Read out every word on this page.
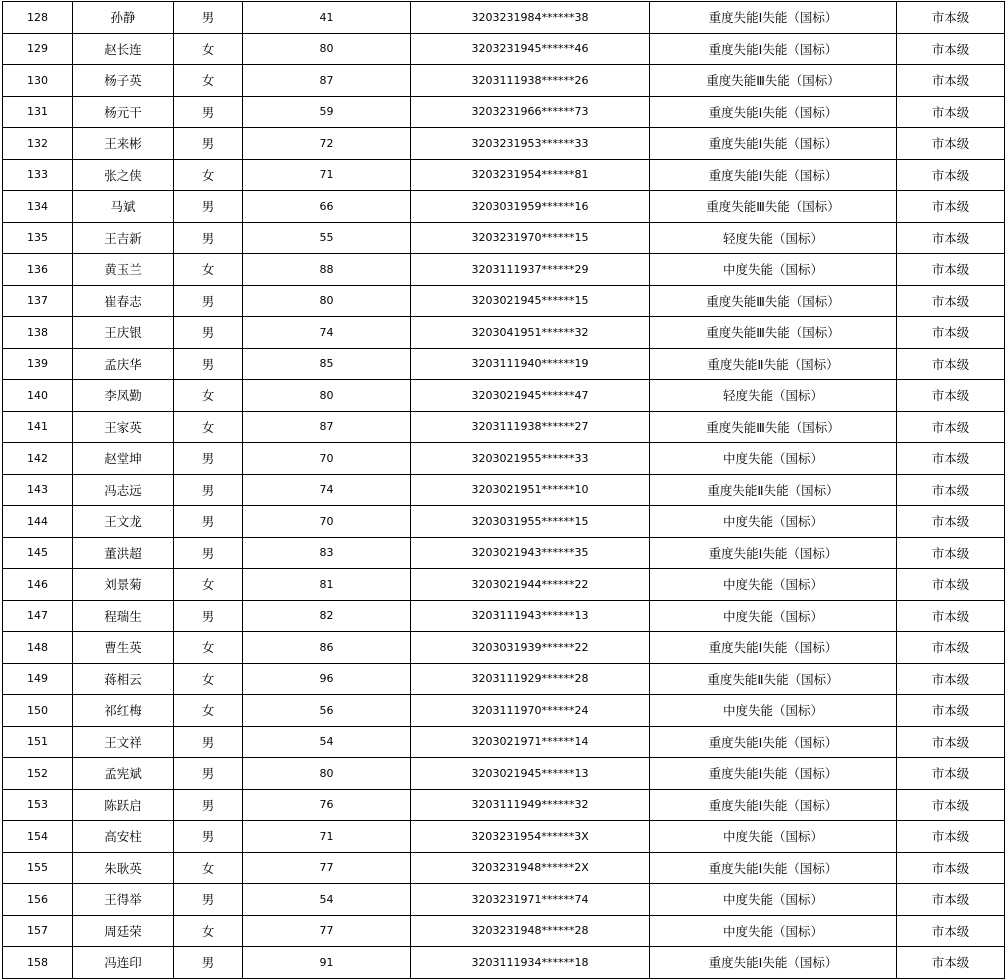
128	孙静	男	41	3203231984******38	重度失能Ⅰ失能（国标）	市本级
129	赵长连	女	80	3203231945******46	重度失能Ⅰ失能（国标）	市本级
130	杨子英	女	87	3203111938******26	重度失能Ⅲ失能（国标）	市本级
131	杨元干	男	59	3203231966******73	重度失能Ⅰ失能（国标）	市本级
132	王来彬	男	72	3203231953******33	重度失能Ⅰ失能（国标）	市本级
133	张之侠	女	71	3203231954******81	重度失能Ⅰ失能（国标）	市本级
134	马斌	男	66	3203031959******16	重度失能Ⅲ失能（国标）	市本级
135	王吉新	男	55	3203231970******15	轻度失能（国标）	市本级
136	黄玉兰	女	88	3203111937******29	中度失能（国标）	市本级
137	崔春志	男	80	3203021945******15	重度失能Ⅲ失能（国标）	市本级
138	王庆银	男	74	3203041951******32	重度失能Ⅲ失能（国标）	市本级
139	孟庆华	男	85	3203111940******19	重度失能Ⅱ失能（国标）	市本级
140	李凤勤	女	80	3203021945******47	轻度失能（国标）	市本级
141	王家英	女	87	3203111938******27	重度失能Ⅲ失能（国标）	市本级
142	赵堂坤	男	70	3203021955******33	中度失能（国标）	市本级
143	冯志远	男	74	3203021951******10	重度失能Ⅱ失能（国标）	市本级
144	王文龙	男	70	3203031955******15	中度失能（国标）	市本级
145	董洪超	男	83	3203021943******35	重度失能Ⅰ失能（国标）	市本级
146	刘景菊	女	81	3203021944******22	中度失能（国标）	市本级
147	程瑞生	男	82	3203111943******13	中度失能（国标）	市本级
148	曹生英	女	86	3203031939******22	重度失能Ⅰ失能（国标）	市本级
149	蒋相云	女	96	3203111929******28	重度失能Ⅱ失能（国标）	市本级
150	祁红梅	女	56	3203111970******24	中度失能（国标）	市本级
151	王文祥	男	54	3203021971******14	重度失能Ⅰ失能（国标）	市本级
152	孟宪斌	男	80	3203021945******13	重度失能Ⅰ失能（国标）	市本级
153	陈跃启	男	76	3203111949******32	重度失能Ⅰ失能（国标）	市本级
154	高安柱	男	71	3203231954******3X	中度失能（国标）	市本级
155	朱耿英	女	77	3203231948******2X	重度失能Ⅰ失能（国标）	市本级
156	王得举	男	54	3203231971******74	中度失能（国标）	市本级
157	周廷荣	女	77	3203231948******28	中度失能（国标）	市本级
158	冯连印	男	91	3203111934******18	重度失能Ⅰ失能（国标）	市本级
